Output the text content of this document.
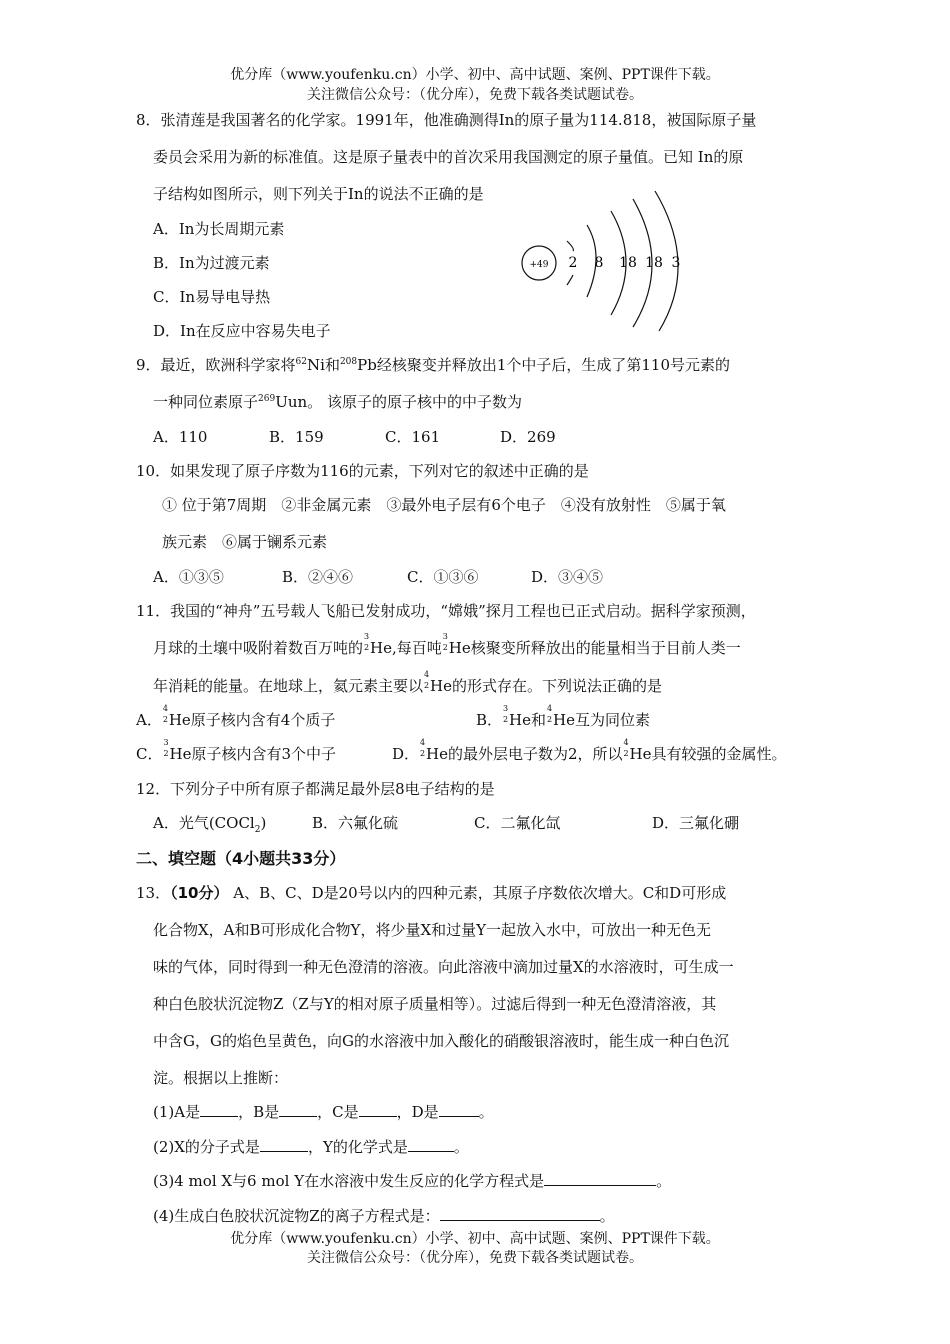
优分库（www.youfenku.cn）小学、初中、高中试题、案例、PPT课件下载。
关注微信公众号：（优分库），免费下载各类试题试卷。
8．张清莲是我国著名的化学家。1991年，他准确测得In的原子量为114.818，被国际原子量
委员会采用为新的标准值。这是原子量表中的首次采用我国测定的原子量值。已知 In的原
子结构如图所示，则下列关于In的说法不正确的是
A．In为长周期元素
B．In为过渡元素
C．In易导电导热
D．In在反应中容易失电子
+49 2 8 18 18 3
9．最近，欧洲科学家将$^{62}$Ni和$^{208}$Pb经核聚变并释放出1个中子后，生成了第110号元素的
一种同位素原子$^{269}$Uun。 该原子的原子核中的中子数为
A．110	B．159	C．161	D．269
10．如果发现了原子序数为116的元素，下列对它的叙述中正确的是
① 位于第7周期　②非金属元素　③最外电子层有6个电子　④没有放射性　⑤属于氧
族元素　⑥属于镧系元素
A．①③⑤	B．②④⑥	C．①③⑥	D．③④⑤
11．我国的“神舟”五号载人飞船已发射成功，“嫦娥”探月工程也已正式启动。据科学家预测，
月球的土壤中吸附着数百万吨的
3
2 He,每百吨
3
2 He核聚变所释放出的能量相当于目前人类一
年消耗的能量。在地球上，氦元素主要以
4
2 He的形式存在。下列说法正确的是
A．
4
2 He原子核内含有4个质子	B．
3
2 He和
4
2 He互为同位素
C．
3
2 He原子核内含有3个中子	D．
4
2 He的最外层电子数为2，所以
4
2 He具有较强的金属性。
12．下列分子中所有原子都满足最外层8电子结构的是
A．光气(COCl$_2$)	B．六氟化硫	C．二氟化氙	D．三氟化硼
二、填空题（4小题共33分）
13．（10分） A、B、C、D是20号以内的四种元素，其原子序数依次增大。C和D可形成
化合物X，A和B可形成化合物Y，将少量X和过量Y一起放入水中，可放出一种无色无
味的气体，同时得到一种无色澄清的溶液。向此溶液中滴加过量X的水溶液时，可生成一
种白色胶状沉淀物Z（Z与Y的相对原子质量相等）。过滤后得到一种无色澄清溶液，其
中含G，G的焰色呈黄色，向G的水溶液中加入酸化的硝酸银溶液时，能生成一种白色沉
淀。根据以上推断：
(1)A是	，B是	，C是	，D是	。
(2)X的分子式是	，Y的化学式是	。
(3)4 mol X与6 mol Y在水溶液中发生反应的化学方程式是	。
(4)生成白色胶状沉淀物Z的离子方程式是：	。
优分库（www.youfenku.cn）小学、初中、高中试题、案例、PPT课件下载。
关注微信公众号：（优分库），免费下载各类试题试卷。
